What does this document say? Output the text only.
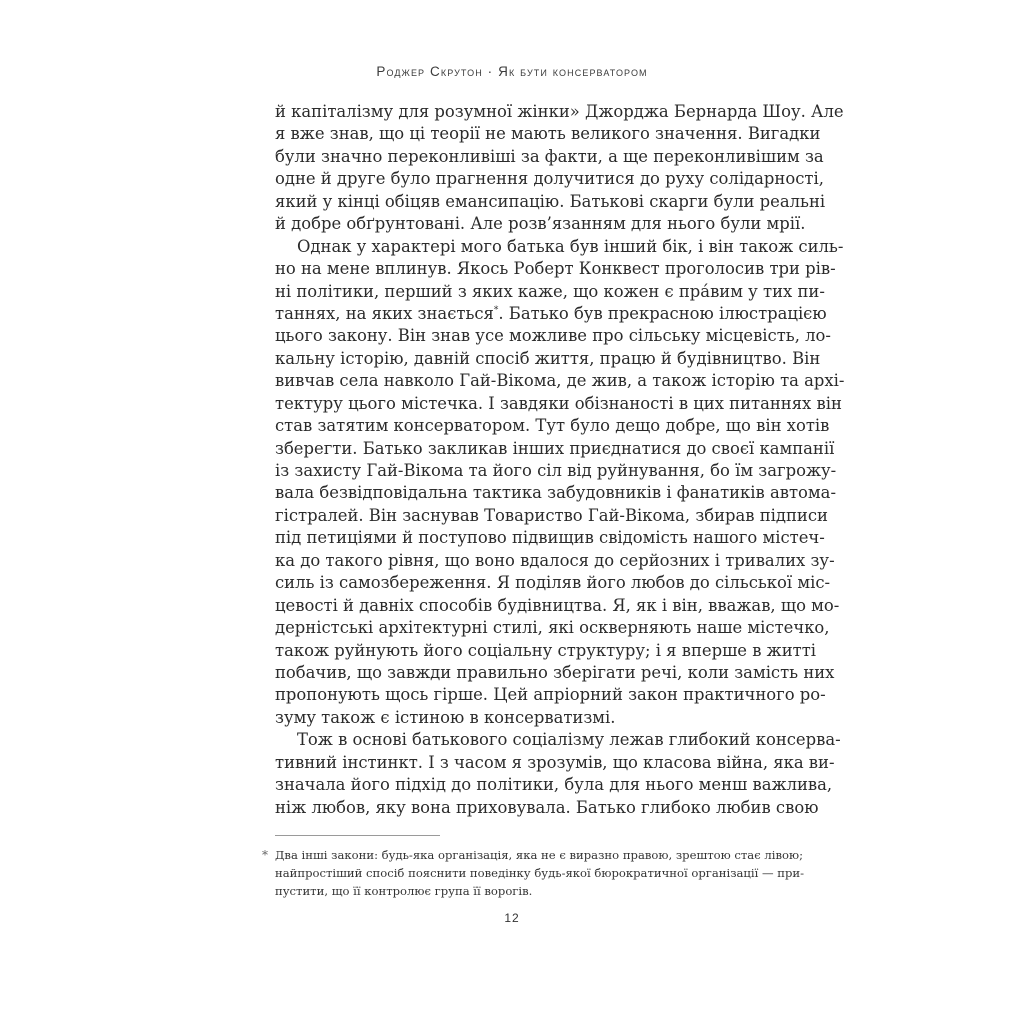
Роджер Скрутон · Як бути консерватором
й капіталізму для розумної жінки» Джорджа Бернарда Шоу. Але
я вже знав, що ці теорії не мають великого значення. Вигадки
були значно переконливіші за факти, а ще переконливішим за
одне й друге було прагнення долучитися до руху солідарності,
який у кінці обіцяв емансипацію. Батькові скарги були реальні
й добре обґрунтовані. Але розв’язанням для нього були мрії.
Однак у характері мого батька був інший бік, і він також силь-
но на мене вплинув. Якось Роберт Конквест проголосив три рів-
ні політики, перший з яких каже, що кожен є пра́вим у тих пи-
таннях, на яких знається*. Батько був прекрасною ілюстрацією
цього закону. Він знав усе можливе про сільську місцевість, ло-
кальну історію, давній спосіб життя, працю й будівництво. Він
вивчав села навколо Гай-Вікома, де жив, а також історію та архі-
тектуру цього містечка. І завдяки обізнаності в цих питаннях він
став затятим консерватором. Тут було дещо добре, що він хотів
зберегти. Батько закликав інших приєднатися до своєї кампанії
із захисту Гай-Вікома та його сіл від руйнування, бо їм загрожу-
вала безвідповідальна тактика забудовників і фанатиків автома-
гістралей. Він заснував Товариство Гай-Вікома, збирав підписи
під петиціями й поступово підвищив свідомість нашого містеч-
ка до такого рівня, що воно вдалося до серйозних і тривалих зу-
силь із самозбереження. Я поділяв його любов до сільської міс-
цевості й давніх способів будівництва. Я, як і він, вважав, що мо-
дерністські архітектурні стилі, які оскверняють наше містечко,
також руйнують його соціальну структуру; і я вперше в житті
побачив, що завжди правильно зберігати речі, коли замість них
пропонують щось гірше. Цей апріорний закон практичного ро-
зуму також є істиною в консерватизмі.
Тож в основі батькового соціалізму лежав глибокий консерва-
тивний інстинкт. І з часом я зрозумів, що класова війна, яка ви-
значала його підхід до політики, була для нього менш важлива,
ніж любов, яку вона приховувала. Батько глибоко любив свою
* Два інші закони: будь-яка організація, яка не є виразно правою, зрештою стає лівою;
найпростіший спосіб пояснити поведінку будь-якої бюрократичної організації — при-
пустити, що її контролює група її ворогів.
12
